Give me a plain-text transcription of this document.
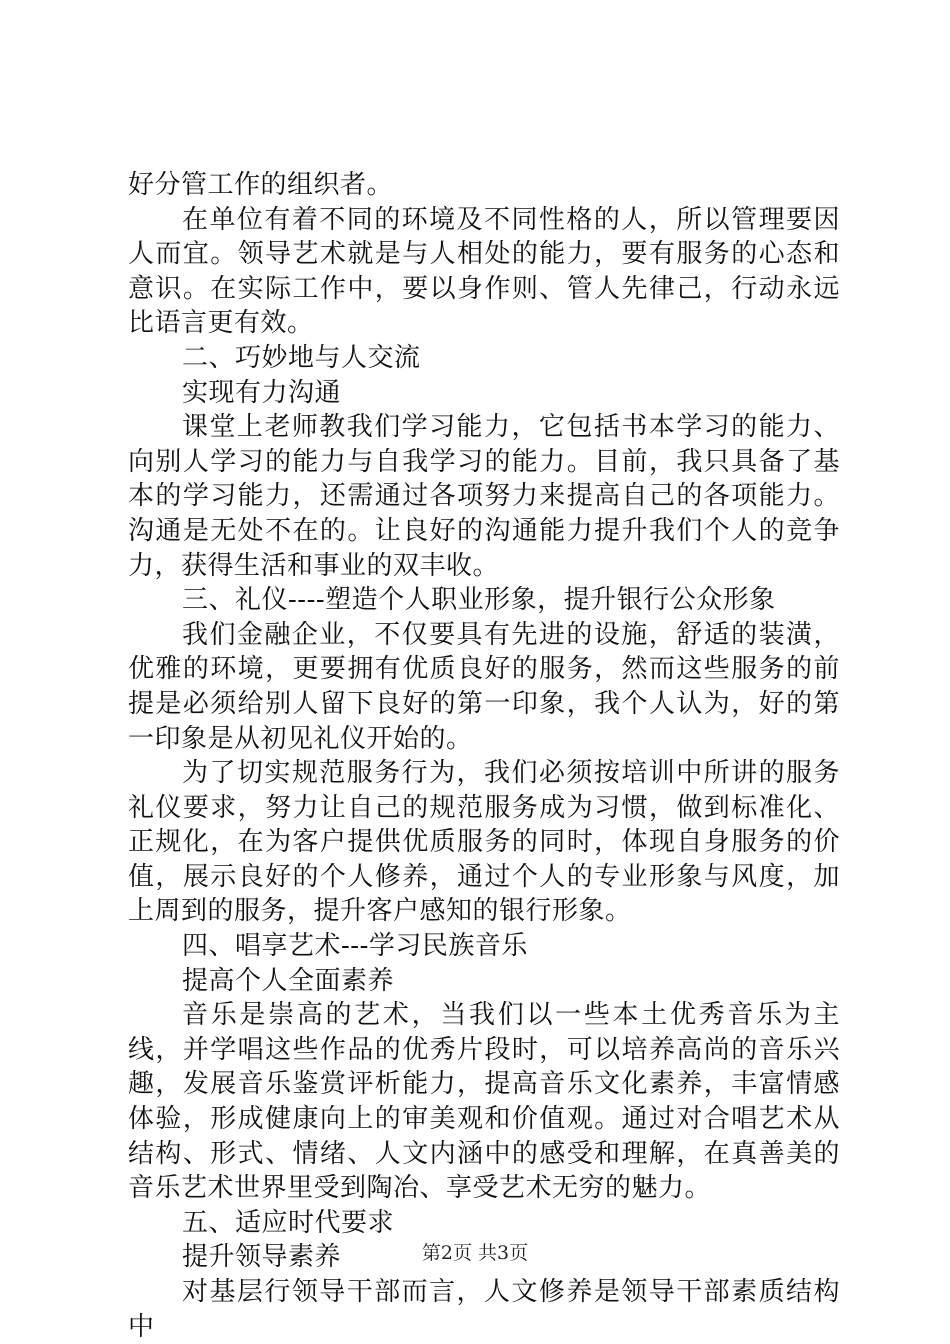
好分管工作的组织者。

在单位有着不同的环境及不同性格的人，所以管理要因人而宜。领导艺术就是与人相处的能力，要有服务的心态和意识。在实际工作中，要以身作则、管人先律己，行动永远比语言更有效。

二、巧妙地与人交流

实现有力沟通

课堂上老师教我们学习能力，它包括书本学习的能力、向别人学习的能力与自我学习的能力。目前，我只具备了基本的学习能力，还需通过各项努力来提高自己的各项能力。沟通是无处不在的。让良好的沟通能力提升我们个人的竞争力，获得生活和事业的双丰收。

三、礼仪----塑造个人职业形象，提升银行公众形象

我们金融企业，不仅要具有先进的设施，舒适的装潢，优雅的环境，更要拥有优质良好的服务，然而这些服务的前提是必须给别人留下良好的第一印象，我个人认为，好的第一印象是从初见礼仪开始的。

为了切实规范服务行为，我们必须按培训中所讲的服务礼仪要求，努力让自己的规范服务成为习惯，做到标准化、正规化，在为客户提供优质服务的同时，体现自身服务的价值，展示良好的个人修养，通过个人的专业形象与风度，加上周到的服务，提升客户感知的银行形象。

四、唱享艺术---学习民族音乐

提高个人全面素养

音乐是崇高的艺术，当我们以一些本土优秀音乐为主线，并学唱这些作品的优秀片段时，可以培养高尚的音乐兴趣，发展音乐鉴赏评析能力，提高音乐文化素养，丰富情感体验，形成健康向上的审美观和价值观。通过对合唱艺术从结构、形式、情绪、人文内涵中的感受和理解，在真善美的音乐艺术世界里受到陶冶、享受艺术无穷的魅力。

五、适应时代要求

提升领导素养

对基层行领导干部而言，人文修养是领导干部素质结构中

第2页 共3页
